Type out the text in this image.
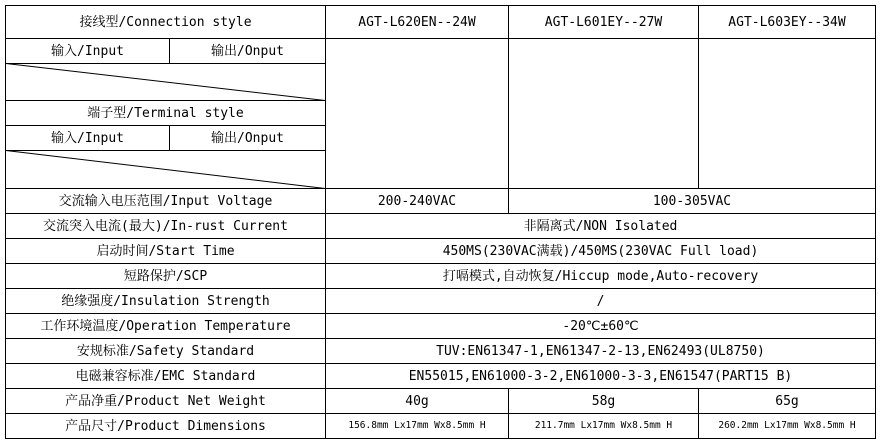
接线型/Connection style	AGT-L620EN--24W	AGT-L601EY--27W	AGT-L603EY--34W
输入/Input	输出/Onput
端子型/Terminal style
输入/Input	输出/Onput
交流输入电压范围/Input Voltage	200-240VAC	100-305VAC
交流突入电流(最大)/In-rust Current	非隔离式/NON Isolated
启动时间/Start Time	450MS(230VAC满载)/450MS(230VAC Full load)
短路保护/SCP	打嗝模式,自动恢复/Hiccup mode,Auto-recovery
绝缘强度/Insulation Strength	/
工作环境温度/Operation Temperature	-20℃±60℃
安规标准/Safety Standard	TUV:EN61347-1,EN61347-2-13,EN62493(UL8750)
电磁兼容标准/EMC Standard	EN55015,EN61000-3-2,EN61000-3-3,EN61547(PART15 B)
产品净重/Product Net Weight	40g	58g	65g
产品尺寸/Product Dimensions	156.8mm Lx17mm Wx8.5mm H	211.7mm Lx17mm Wx8.5mm H	260.2mm Lx17mm Wx8.5mm H
